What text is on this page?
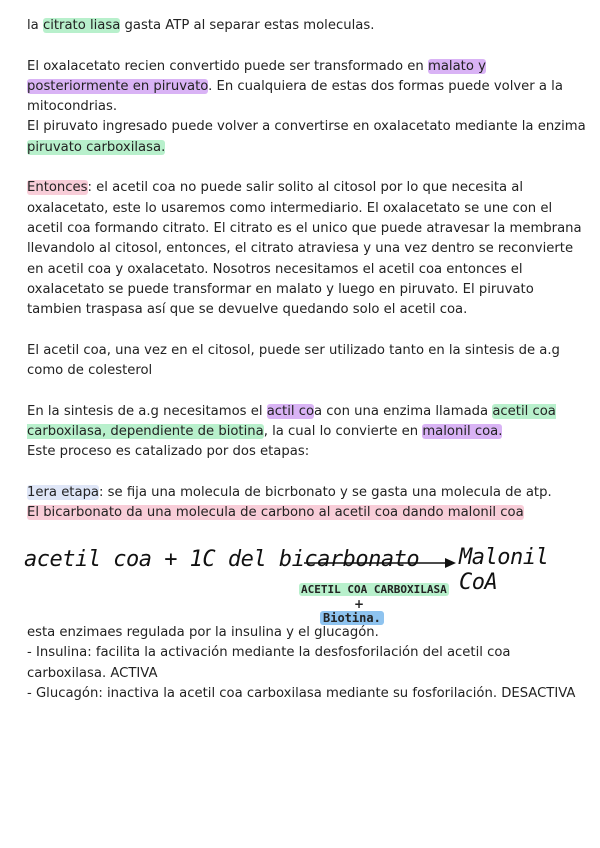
la citrato liasa gasta ATP al separar estas moleculas.

El oxalacetato recien convertido puede ser transformado en malato y posteriormente en piruvato. En cualquiera de estas dos formas puede volver a la mitocondrias.

El piruvato ingresado puede volver a convertirse en oxalacetato mediante la enzima piruvato carboxilasa.

Entonces: el acetil coa no puede salir solito al citosol por lo que necesita al oxalacetato, este lo usaremos como intermediario. El oxalacetato se une con el acetil coa formando citrato. El citrato es el unico que puede atravesar la membrana llevandolo al citosol, entonces, el citrato atraviesa y una vez dentro se reconvierte en acetil coa y oxalacetato. Nosotros necesitamos el acetil coa entonces el oxalacetato se puede transformar en malato y luego en piruvato. El piruvato tambien traspasa así que se devuelve quedando solo el acetil coa.

El acetil coa, una vez en el citosol, puede ser utilizado tanto en la sintesis de a.g como de colesterol

En la sintesis de a.g necesitamos el actil coa con una enzima llamada acetil coa carboxilasa, dependiente de biotina, la cual lo convierte en malonil coa.
Este proceso es catalizado por dos etapas:

1era etapa: se fija una molecula de bicrbonato y se gasta una molecula de atp.
El bicarbonato da una molecula de carbono al acetil coa dando malonil coa

acetil coa + 1C del bicarbonato Malonil CoA
ACETIL COA CARBOXILASA
+
Biotina.

esta enzimaes regulada por la insulina y el glucagón.

- Insulina: facilita la activación mediante la desfosforilación del acetil coa carboxilasa. ACTIVA

- Glucagón: inactiva la acetil coa carboxilasa mediante su fosforilación. DESACTIVA
